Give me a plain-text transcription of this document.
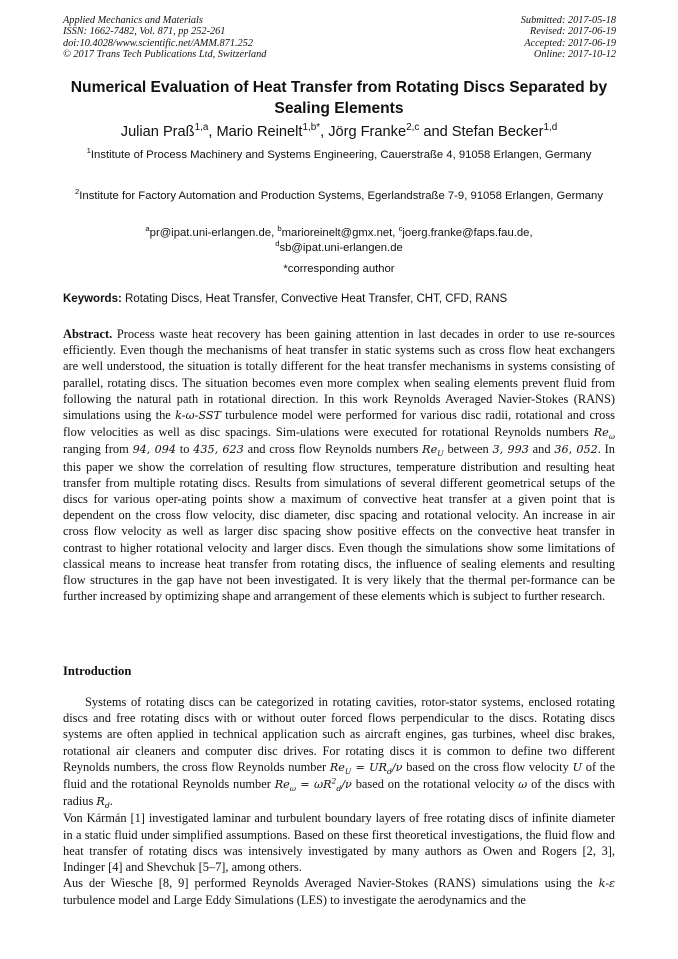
Applied Mechanics and Materials
ISSN: 1662-7482, Vol. 871, pp 252-261
doi:10.4028/www.scientific.net/AMM.871.252
© 2017 Trans Tech Publications Ltd, Switzerland
Submitted: 2017-05-18
Revised: 2017-06-19
Accepted: 2017-06-19
Online: 2017-10-12
Numerical Evaluation of Heat Transfer from Rotating Discs Separated by Sealing Elements
Julian Praß$^{1,a}$, Mario Reinelt$^{1,b*}$, Jörg Franke$^{2,c}$ and Stefan Becker$^{1,d}$
$^1$Institute of Process Machinery and Systems Engineering, Cauerstraße 4, 91058 Erlangen, Germany
$^2$Institute for Factory Automation and Production Systems, Egerlandstraße 7-9, 91058 Erlangen, Germany
$^a$pr@ipat.uni-erlangen.de, $^b$marioreinelt@gmx.net, $^c$joerg.franke@faps.fau.de,
$^d$sb@ipat.uni-erlangen.de
*corresponding author
Keywords: Rotating Discs, Heat Transfer, Convective Heat Transfer, CHT, CFD, RANS
Abstract. Process waste heat recovery has been gaining attention in last decades in order to use re-sources efficiently. Even though the mechanisms of heat transfer in static systems such as cross flow heat exchangers are well understood, the situation is totally different for the heat transfer mechanisms in systems consisting of parallel, rotating discs. The situation becomes even more complex when sealing elements prevent fluid from following the natural path in rotational direction. In this work Reynolds Averaged Navier-Stokes (RANS) simulations using the k-ω-SST turbulence model were performed for various disc radii, rotational and cross flow velocities as well as disc spacings. Sim-ulations were executed for rotational Reynolds numbers $Re_\omega$ ranging from 94, 094 to 435, 623 and cross flow Reynolds numbers $Re_U$ between 3, 993 and 36, 052. In this paper we show the correlation of resulting flow structures, temperature distribution and resulting heat transfer from multiple rotating discs. Results from simulations of several different geometrical setups of the discs for various oper-ating points show a maximum of convective heat transfer at a given point that is dependent on the cross flow velocity, disc diameter, disc spacing and rotational velocity. An increase in air cross flow velocity as well as larger disc spacing show positive effects on the convective heat transfer in contrast to higher rotational velocity and larger discs. Even though the simulations show some limitations of classical means to increase heat transfer from rotating discs, the influence of sealing elements and resulting flow structures in the gap have not been investigated. It is very likely that the thermal per-formance can be further increased by optimizing shape and arrangement of these elements which is subject to further research.
Introduction

Systems of rotating discs can be categorized in rotating cavities, rotor-stator systems, enclosed rotating discs and free rotating discs with or without outer forced flows perpendicular to the discs. Rotating discs systems are often applied in technical application such as aircraft engines, gas turbines, wheel disc brakes, rotational air cleaners and computer disc drives. For rotating discs it is common to define two different Reynolds numbers, the cross flow Reynolds number $Re_U = UR_d/\nu$ based on the cross flow velocity U of the fluid and the rotational Reynolds number $Re_\omega = \omega R^2_d/\nu$ based on the rotational velocity ω of the discs with radius $R_d$.

Von Kármán [1] investigated laminar and turbulent boundary layers of free rotating discs of infinite diameter in a static fluid under simplified assumptions. Based on these first theoretical investigations, the fluid flow and heat transfer of rotating discs was intensively investigated by many authors as Owen and Rogers [2, 3], Indinger [4] and Shevchuk [5–7], among others.

Aus der Wiesche [8, 9] performed Reynolds Averaged Navier-Stokes (RANS) simulations using the k-ε turbulence model and Large Eddy Simulations (LES) to investigate the aerodynamics and the
